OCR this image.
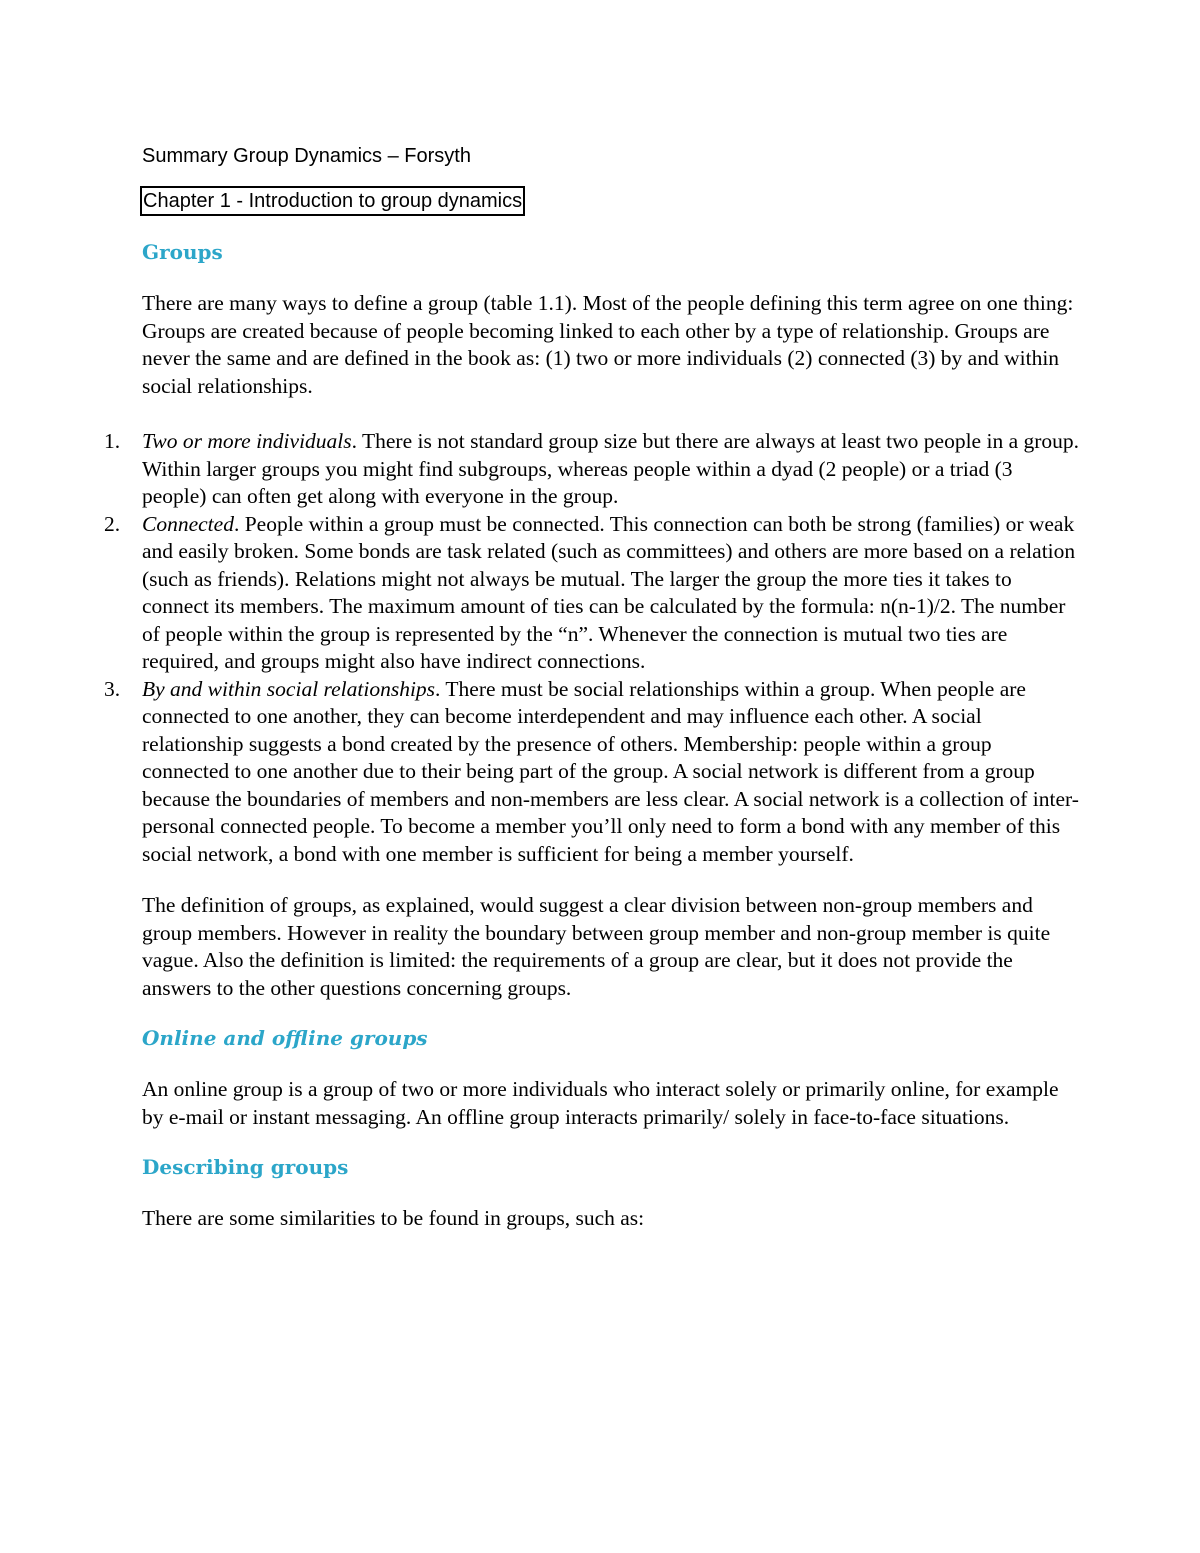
Summary Group Dynamics – Forsyth
Chapter 1 - Introduction to group dynamics
Groups

There are many ways to define a group (table 1.1). Most of the people defining this term agree on one thing: Groups are created because of people becoming linked to each other by a type of relationship. Groups are never the same and are defined in the book as: (1) two or more individuals (2) connected (3) by and within social relationships.

1. Two or more individuals. There is not standard group size but there are always at least two people in a group. Within larger groups you might find subgroups, whereas people within a dyad (2 people) or a triad (3 people) can often get along with everyone in the group.
2. Connected. People within a group must be connected. This connection can both be strong (families) or weak and easily broken. Some bonds are task related (such as committees) and others are more based on a relation (such as friends). Relations might not always be mutual. The larger the group the more ties it takes to connect its members. The maximum amount of ties can be calculated by the formula: n(n-1)/2. The number of people within the group is represented by the “n”. Whenever the connection is mutual two ties are required, and groups might also have indirect connections.
3. By and within social relationships. There must be social relationships within a group. When people are connected to one another, they can become interdependent and may influence each other. A social relationship suggests a bond created by the presence of others. Membership: people within a group connected to one another due to their being part of the group. A social network is different from a group because the boundaries of members and non-members are less clear. A social network is a collection of inter-personal connected people. To become a member you’ll only need to form a bond with any member of this social network, a bond with one member is sufficient for being a member yourself.

The definition of groups, as explained, would suggest a clear division between non-group members and group members. However in reality the boundary between group member and non-group member is quite vague. Also the definition is limited: the requirements of a group are clear, but it does not provide the answers to the other questions concerning groups.

Online and offline groups

An online group is a group of two or more individuals who interact solely or primarily online, for example by e-mail or instant messaging. An offline group interacts primarily/ solely in face-to-face situations.

Describing groups

There are some similarities to be found in groups, such as:
